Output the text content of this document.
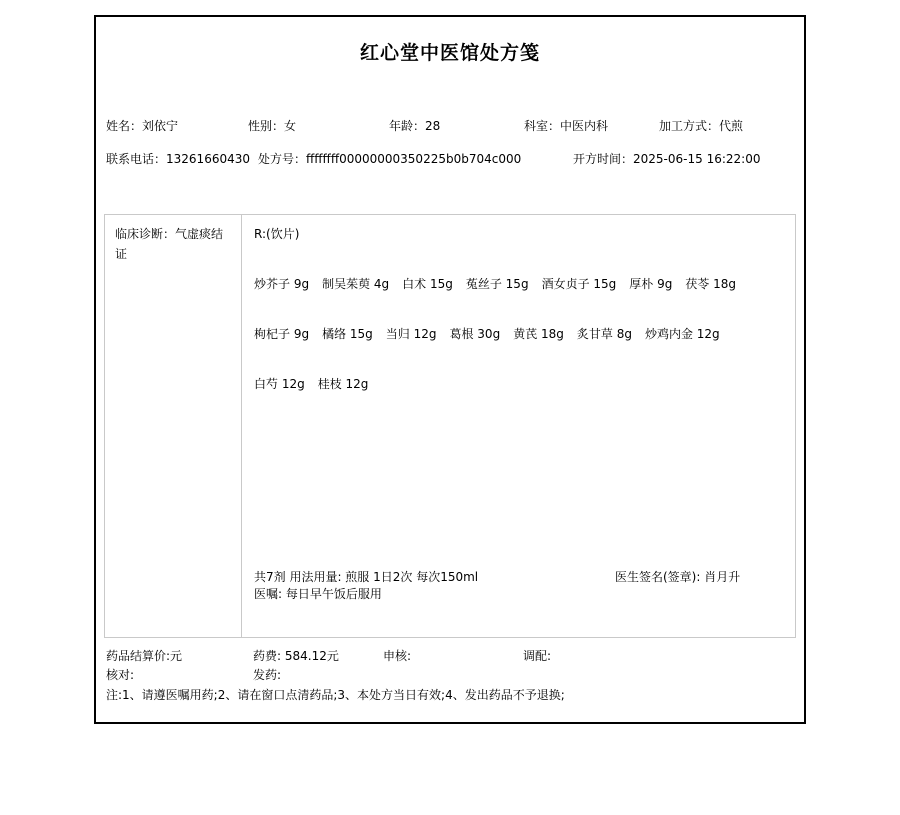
红心堂中医馆处方笺
姓名：刘依宁	性别：女	年龄：28	科室：中医内科	加工方式：代煎
联系电话：13261660430 处方号：ffffffff00000000350225b0b704c000	开方时间：2025-06-15 16:22:00
临床诊断：气虚痰结证
R:(饮片)
炒芥子 9g 制吴茱萸 4g 白术 15g 菟丝子 15g 酒女贞子 15g 厚朴 9g 茯苓 18g
枸杞子 9g 橘络 15g 当归 12g 葛根 30g 黄芪 18g 炙甘草 8g 炒鸡内金 12g
白芍 12g 桂枝 12g
共7剂 用法用量: 煎服 1日2次 每次150ml
医嘱: 每日早午饭后服用
医生签名(签章): 肖月升
药品结算价:元	药费: 584.12元	申核:	调配:
核对:	发药:
注:1、请遵医嘱用药;2、请在窗口点清药品;3、本处方当日有效;4、发出药品不予退换;
